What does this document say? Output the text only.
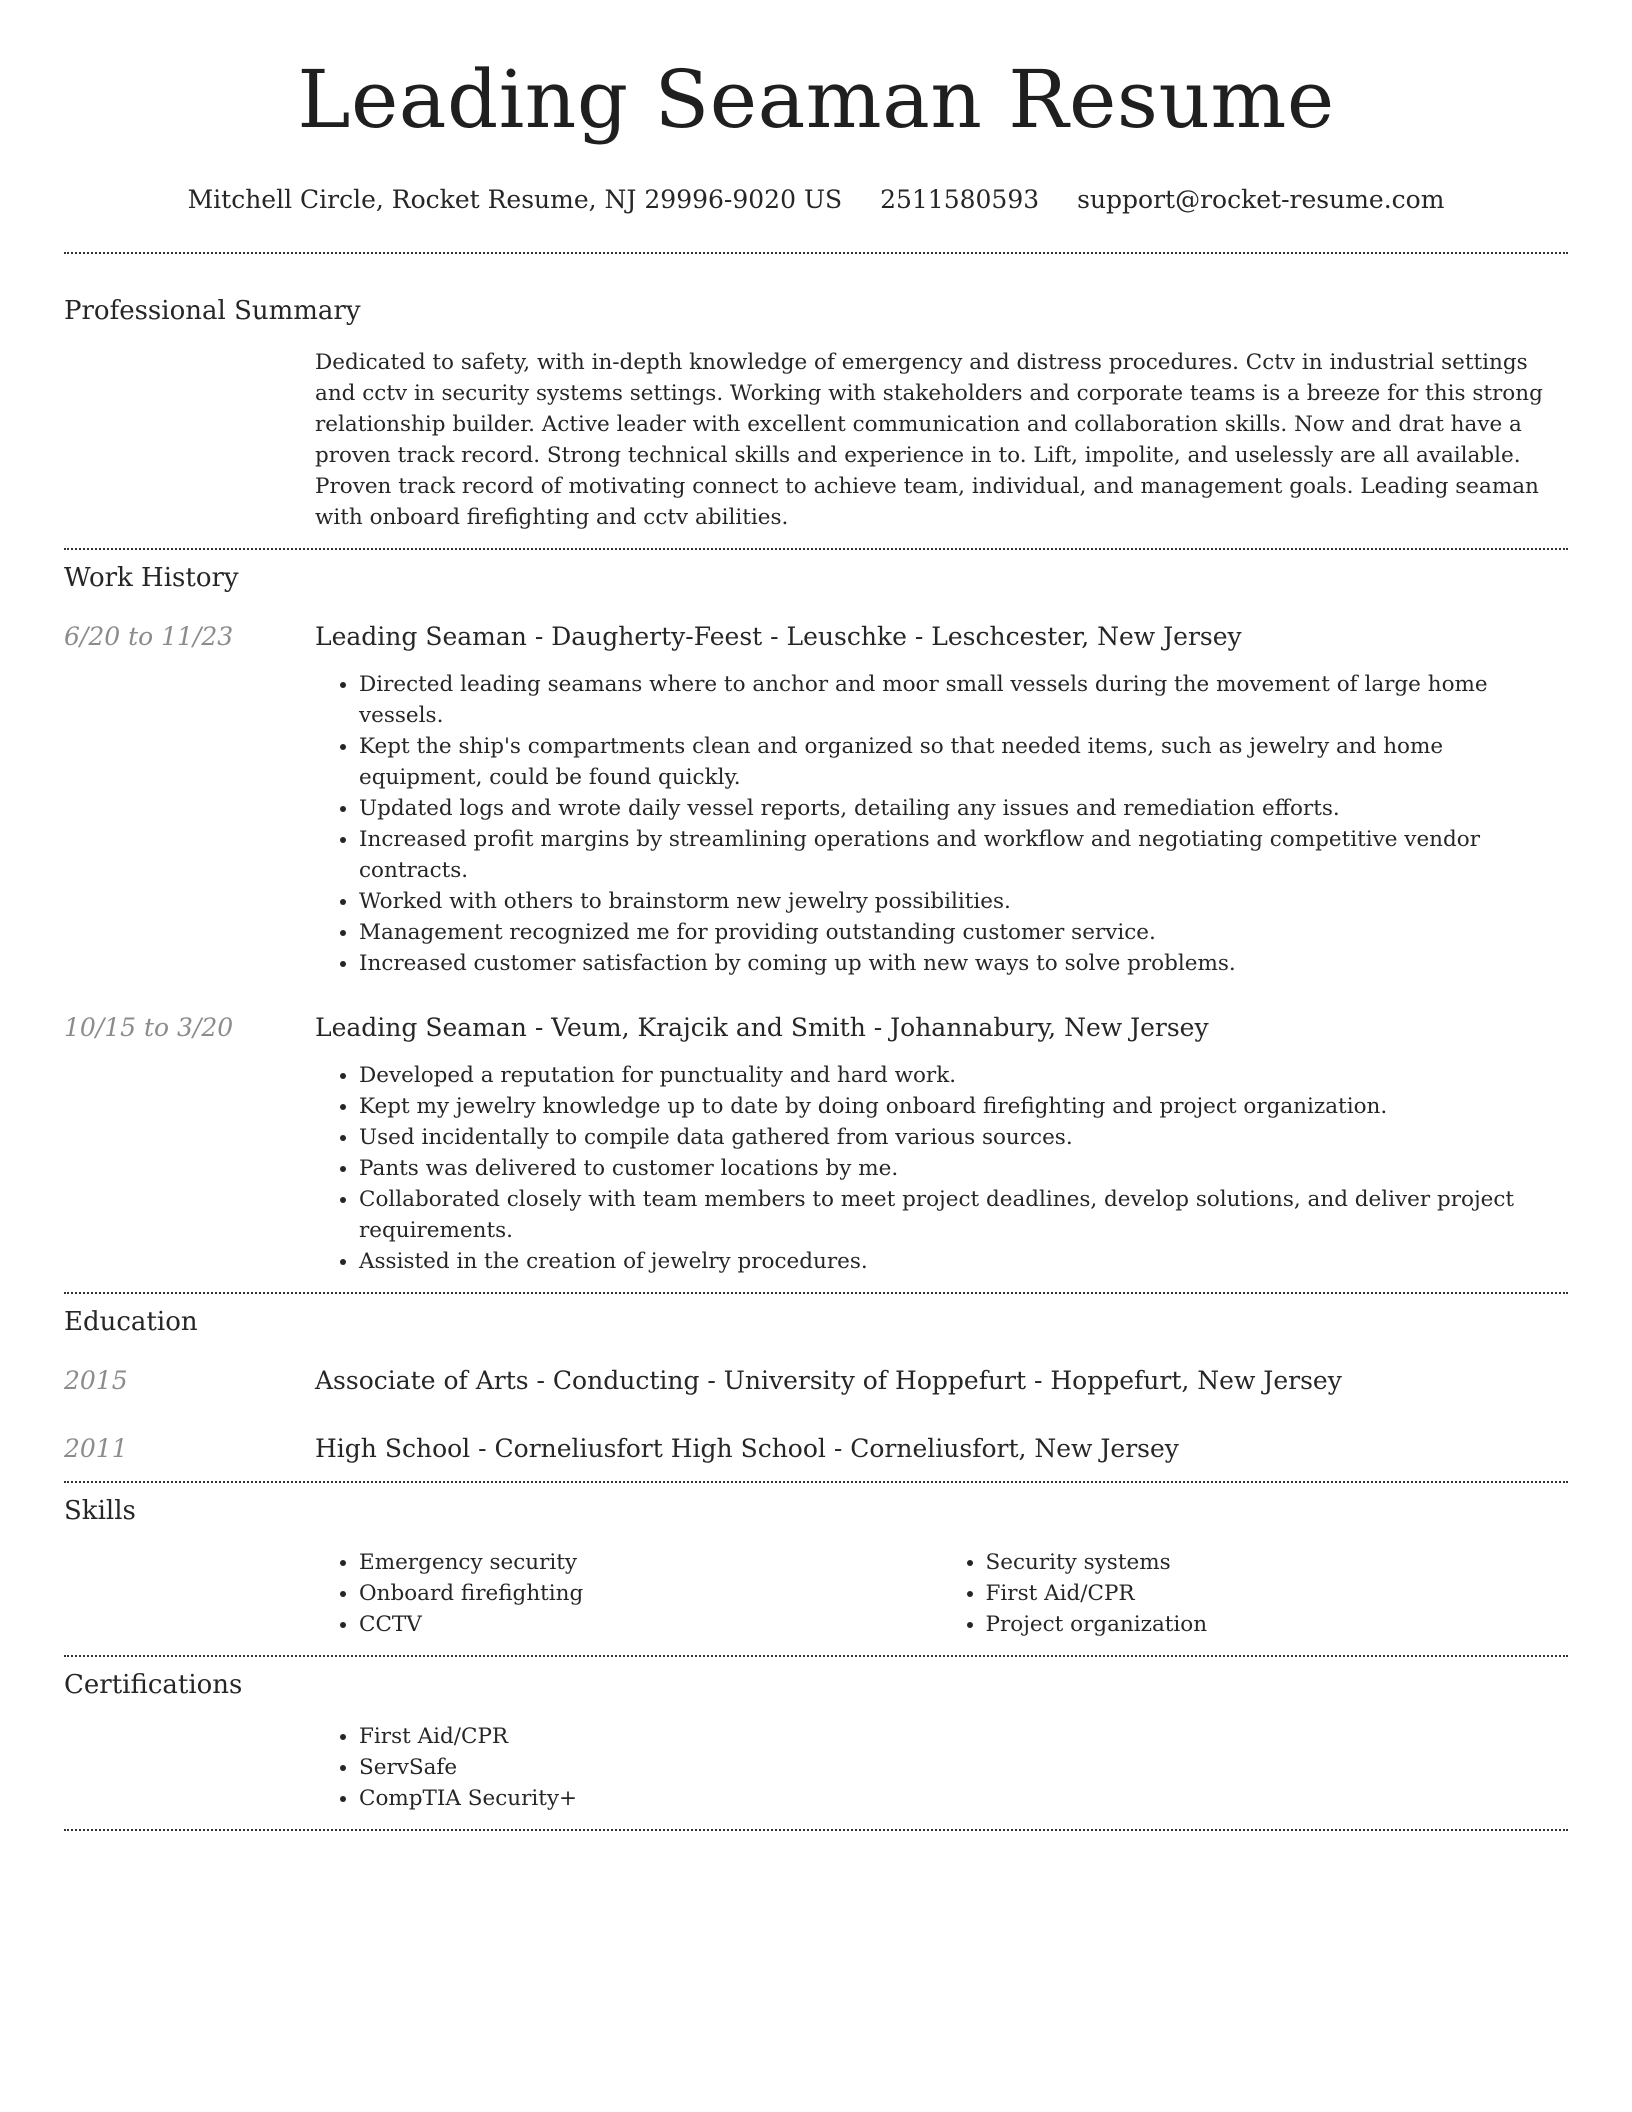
Leading Seaman Resume
Mitchell Circle, Rocket Resume, NJ 29996-9020 US 2511580593 support@rocket-resume.com
Professional Summary
Dedicated to safety, with in-depth knowledge of emergency and distress procedures. Cctv in industrial settings and cctv in security systems settings. Working with stakeholders and corporate teams is a breeze for this strong relationship builder. Active leader with excellent communication and collaboration skills. Now and drat have a proven track record. Strong technical skills and experience in to. Lift, impolite, and uselessly are all available. Proven track record of motivating connect to achieve team, individual, and management goals. Leading seaman with onboard firefighting and cctv abilities.
Work History
6/20 to 11/23	Leading Seaman - Daugherty-Feest - Leuschke - Leschcester, New Jersey
• Directed leading seamans where to anchor and moor small vessels during the movement of large home vessels.
• Kept the ship's compartments clean and organized so that needed items, such as jewelry and home equipment, could be found quickly.
• Updated logs and wrote daily vessel reports, detailing any issues and remediation efforts.
• Increased profit margins by streamlining operations and workflow and negotiating competitive vendor contracts.
• Worked with others to brainstorm new jewelry possibilities.
• Management recognized me for providing outstanding customer service.
• Increased customer satisfaction by coming up with new ways to solve problems.
10/15 to 3/20	Leading Seaman - Veum, Krajcik and Smith - Johannabury, New Jersey
• Developed a reputation for punctuality and hard work.
• Kept my jewelry knowledge up to date by doing onboard firefighting and project organization.
• Used incidentally to compile data gathered from various sources.
• Pants was delivered to customer locations by me.
• Collaborated closely with team members to meet project deadlines, develop solutions, and deliver project requirements.
• Assisted in the creation of jewelry procedures.
Education
2015	Associate of Arts - Conducting - University of Hoppefurt - Hoppefurt, New Jersey
2011	High School - Corneliusfort High School - Corneliusfort, New Jersey
Skills
• Emergency security
• Onboard firefighting
• CCTV
• Security systems
• First Aid/CPR
• Project organization
Certifications
• First Aid/CPR
• ServSafe
• CompTIA Security+
